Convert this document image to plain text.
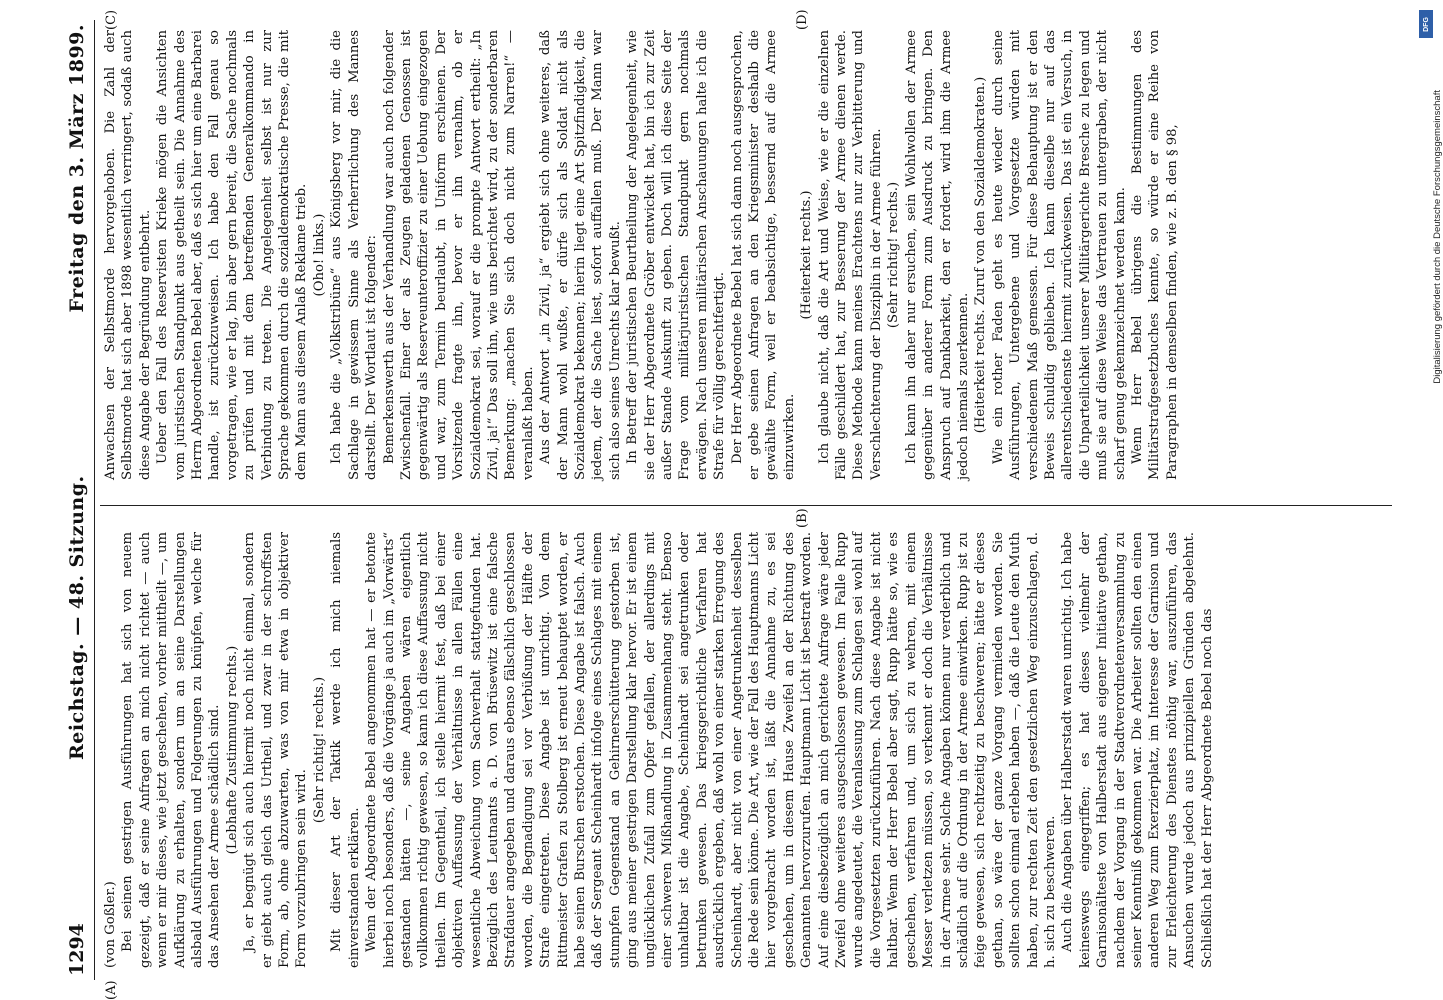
1294
Reichstag. — 48. Sitzung.
Freitag den 3. März 1899.
(A)
(B)
(C)	(D)

(von Goßler.) Bei seinen gestrigen Ausführungen hat sich von neuem gezeigt, daß er seine Anfragen an mich nicht richtet — auch wenn er mir dieses, wie jetzt geschehen, vorher mittheilt —, um Aufklärung zu erhalten, sondern um an seine Darstellungen alsbald Ausführungen und Folgerungen zu knüpfen, welche für das Ansehen der Armee schädlich sind. (Lebhafte Zustimmung rechts.) Ja, er begnügt sich auch hiermit noch nicht einmal, sondern er giebt auch gleich das Urtheil, und zwar in der schroffsten Form, ab, ohne abzuwarten, was von mir etwa in objektiver Form vorzubringen sein wird.

(Sehr richtig! rechts.) Mit dieser Art der Taktik werde ich mich niemals einverstanden erklären. Wenn der Abgeordnete Bebel angenommen hat — er betonte hierbei noch besonders, daß die Vorgänge ja auch im „Vorwärts“ gestanden hätten —, seine Angaben wären eigentlich vollkommen richtig gewesen, so kann ich diese Auffassung nicht theilen. Im Gegentheil, ich stelle hiermit fest, daß bei einer objektiven Auffassung der Verhältnisse in allen Fällen eine wesentliche Abweichung vom Sachverhalt stattgefunden hat. Bezüglich des Leutnants a. D. von Brüsewitz ist eine falsche Strafdauer angegeben und daraus ebenso fälschlich geschlossen worden, die Begnadigung sei vor Verbüßung der Hälfte der Strafe eingetreten. Diese Angabe ist unrichtig. Von dem Rittmeister Grafen zu Stolberg ist erneut behauptet worden, er habe seinen Burschen erstochen. Diese Angabe ist falsch. Auch daß der Sergeant Scheinhardt infolge eines Schlages mit einem stumpfen Gegenstand an Gehirnerschütterung gestorben ist, ging aus meiner gestrigen Darstellung klar hervor. Er ist einem unglücklichen Zufall zum Opfer gefallen, der allerdings mit einer schweren Mißhandlung in Zusammenhang steht. Ebenso unhaltbar ist die Angabe, Scheinhardt sei angetrunken oder betrunken gewesen. Das kriegsgerichtliche Verfahren hat ausdrücklich ergeben, daß wohl von einer starken Erregung des Scheinhardt, aber nicht von einer Angetrunkenheit desselben die Rede sein könne. Die Art, wie der Fall des Hauptmanns Licht hier vorgebracht worden ist, läßt die Annahme zu, es sei geschehen, um in diesem Hause Zweifel an der Richtung des Genannten hervorzurufen. Hauptmann Licht ist bestraft worden. Auf eine diesbezüglich an mich gerichtete Anfrage wäre jeder Zweifel ohne weiteres ausgeschlossen gewesen. Im Falle Rupp wurde angedeutet, die Veranlassung zum Schlagen sei wohl auf die Vorgesetzten zurückzuführen. Nach diese Angabe ist nicht haltbar. Wenn der Herr Bebel aber sagt, Rupp hätte so, wie es geschehen, verfahren und, um sich zu wehren, mit einem Messer verletzen müssen, so verkennt er doch die Verhältnisse in der Armee sehr. Solche Angaben können nur verderblich und schädlich auf die Ordnung in der Armee einwirken. Rupp ist zu feige gewesen, sich rechtzeitig zu beschweren; hätte er dieses gethan, so wäre der ganze Vorgang vermieden worden. Sie sollten schon einmal erleben haben —, daß die Leute den Muth haben, zur rechten Zeit den gesetzlichen Weg einzuschlagen, d. h. sich zu beschweren. Auch die Angaben über Halberstadt waren unrichtig. Ich habe keineswegs eingegriffen; es hat dieses vielmehr der Garnisonälteste von Halberstadt aus eigener Initiative gethan, nachdem der Vorgang in der Stadtverordnetenversammlung zu seiner Kenntniß gekommen war. Die Arbeiter sollten den einen anderen Weg zum Exerzierplatz, im Interesse der Garnison und zur Erleichterung des Dienstes nöthig war, auszuführen, das Ansuchen wurde jedoch aus prinzipiellen Gründen abgelehnt. Schließlich hat der Herr Abgeordnete Bebel noch das

Anwachsen der Selbstmorde hervorgehoben. Die Zahl der Selbstmorde hat sich aber 1898 wesentlich verringert, sodaß auch diese Angabe der Begründung entbehrt. Ueber den Fall des Reservisten Krieke mögen die Ansichten vom juristischen Standpunkt aus getheilt sein. Die Annahme des Herrn Abgeordneten Bebel aber, daß es sich hier um eine Barbarei handle, ist zurückzuweisen. Ich habe den Fall genau so vorgetragen, wie er lag, bin aber gern bereit, die Sache nochmals zu prüfen und mit dem betreffenden Generalkommando in Verbindung zu treten. Die Angelegenheit selbst ist nur zur Sprache gekommen durch die sozialdemokratische Presse, die mit dem Mann aus diesem Anlaß Reklame trieb. (Oho! links.) Ich habe die „Volkstribüne“ aus Königsberg vor mir, die die Sachlage in gewissem Sinne als Verherrlichung des Mannes darstellt. Der Wortlaut ist folgender: Bemerkenswerth aus der Verhandlung war auch noch folgender Zwischenfall. Einer der als Zeugen geladenen Genossen ist gegenwärtig als Reserveunteroffizier zu einer Uebung eingezogen und war, zum Termin beurlaubt, in Uniform erschienen. Der Vorsitzende fragte ihn, bevor er ihn vernahm, ob er Sozialdemokrat sei, worauf er die prompte Antwort ertheilt: „In Zivil, ja!“ Das soll ihn, wie uns berichtet wird, zu der sonderbaren Bemerkung: „machen Sie sich doch nicht zum Narren!“ — veranlaßt haben. Aus der Antwort „in Zivil, ja“ ergiebt sich ohne weiteres, daß der Mann wohl wußte, er dürfe sich als Soldat nicht als Sozialdemokrat bekennen; hierin liegt eine Art Spitzfindigkeit, die jedem, der die Sache liest, sofort auffallen muß. Der Mann war sich also seines Unrechts klar bewußt. In Betreff der juristischen Beurtheilung der Angelegenheit, wie sie der Herr Abgeordnete Gröber entwickelt hat, bin ich zur Zeit außer Stande Auskunft zu geben. Doch will ich diese Seite der Frage vom militärjuristischen Standpunkt gern nochmals erwägen. Nach unseren militärischen Anschauungen halte ich die Strafe für völlig gerechtfertigt. Der Herr Abgeordnete Bebel hat sich dann noch ausgesprochen, er gebe seinen Anfragen an den Kriegsminister deshalb die gewählte Form, weil er beabsichtige, bessernd auf die Armee einzuwirken.

(Heiterkeit rechts.) Ich glaube nicht, daß die Art und Weise, wie er die einzelnen Fälle geschildert hat, zur Besserung der Armee dienen werde. Diese Methode kann meines Erachtens nur zur Verbitterung und Verschlechterung der Disziplin in der Armee führen. (Sehr richtig! rechts.) Ich kann ihn daher nur ersuchen, sein Wohlwollen der Armee gegenüber in anderer Form zum Ausdruck zu bringen. Den Anspruch auf Dankbarkeit, den er fordert, wird ihm die Armee jedoch niemals zuerkennen. (Heiterkeit rechts. Zuruf von den Sozialdemokraten.) Wie ein rother Faden geht es heute wieder durch seine Ausführungen, Untergebene und Vorgesetzte würden mit verschiedenem Maß gemessen. Für diese Behauptung ist er den Beweis schuldig geblieben. Ich kann dieselbe nur auf das allerentschiedenste hiermit zurückweisen. Das ist ein Versuch, in die Unparteilichkeit unserer Militärgerichte Bresche zu legen und muß sie auf diese Weise das Vertrauen zu untergraben, der nicht scharf genug gekennzeichnet werden kann. Wenn Herr Bebel übrigens die Bestimmungen des Militärstrafgesetzbuches kennte, so würde er eine Reihe von Paragraphen in demselben finden, wie z. B. den § 98,

DFG
Digitalisierung gefördert durch die Deutsche Forschungsgemeinschaft
